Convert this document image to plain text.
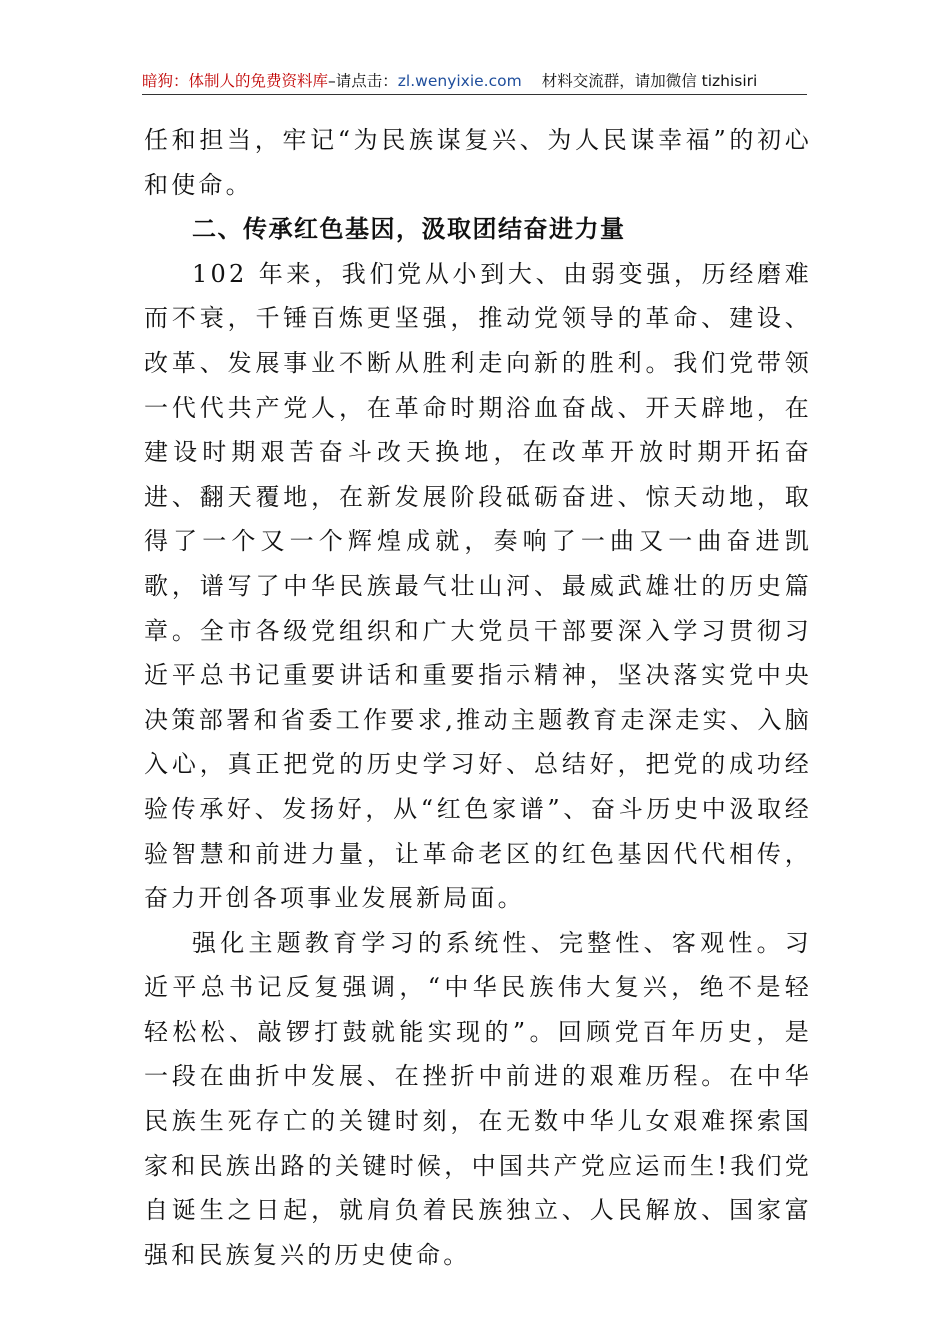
暗狗：体制人的免费资料库–请点击：zl.wenyixie.com 材料交流群，请加微信 tizhisiri

任和担当，牢记“为民族谋复兴、为人民谋幸福”的初心和使命。

二、传承红色基因，汲取团结奋进力量

102 年来，我们党从小到大、由弱变强，历经磨难而不衰，千锤百炼更坚强，推动党领导的革命、建设、改革、发展事业不断从胜利走向新的胜利。我们党带领一代代共产党人，在革命时期浴血奋战、开天辟地，在建设时期艰苦奋斗改天换地，在改革开放时期开拓奋进、翻天覆地，在新发展阶段砥砺奋进、惊天动地，取得了一个又一个辉煌成就，奏响了一曲又一曲奋进凯歌，谱写了中华民族最气壮山河、最威武雄壮的历史篇章。全市各级党组织和广大党员干部要深入学习贯彻习近平总书记重要讲话和重要指示精神，坚决落实党中央决策部署和省委工作要求,推动主题教育走深走实、入脑入心，真正把党的历史学习好、总结好，把党的成功经验传承好、发扬好，从“红色家谱”、奋斗历史中汲取经验智慧和前进力量，让革命老区的红色基因代代相传，奋力开创各项事业发展新局面。

强化主题教育学习的系统性、完整性、客观性。习近平总书记反复强调，“中华民族伟大复兴，绝不是轻轻松松、敲锣打鼓就能实现的”。回顾党百年历史，是一段在曲折中发展、在挫折中前进的艰难历程。在中华民族生死存亡的关键时刻，在无数中华儿女艰难探索国家和民族出路的关键时候，中国共产党应运而生!我们党自诞生之日起，就肩负着民族独立、人民解放、国家富强和民族复兴的历史使命。
